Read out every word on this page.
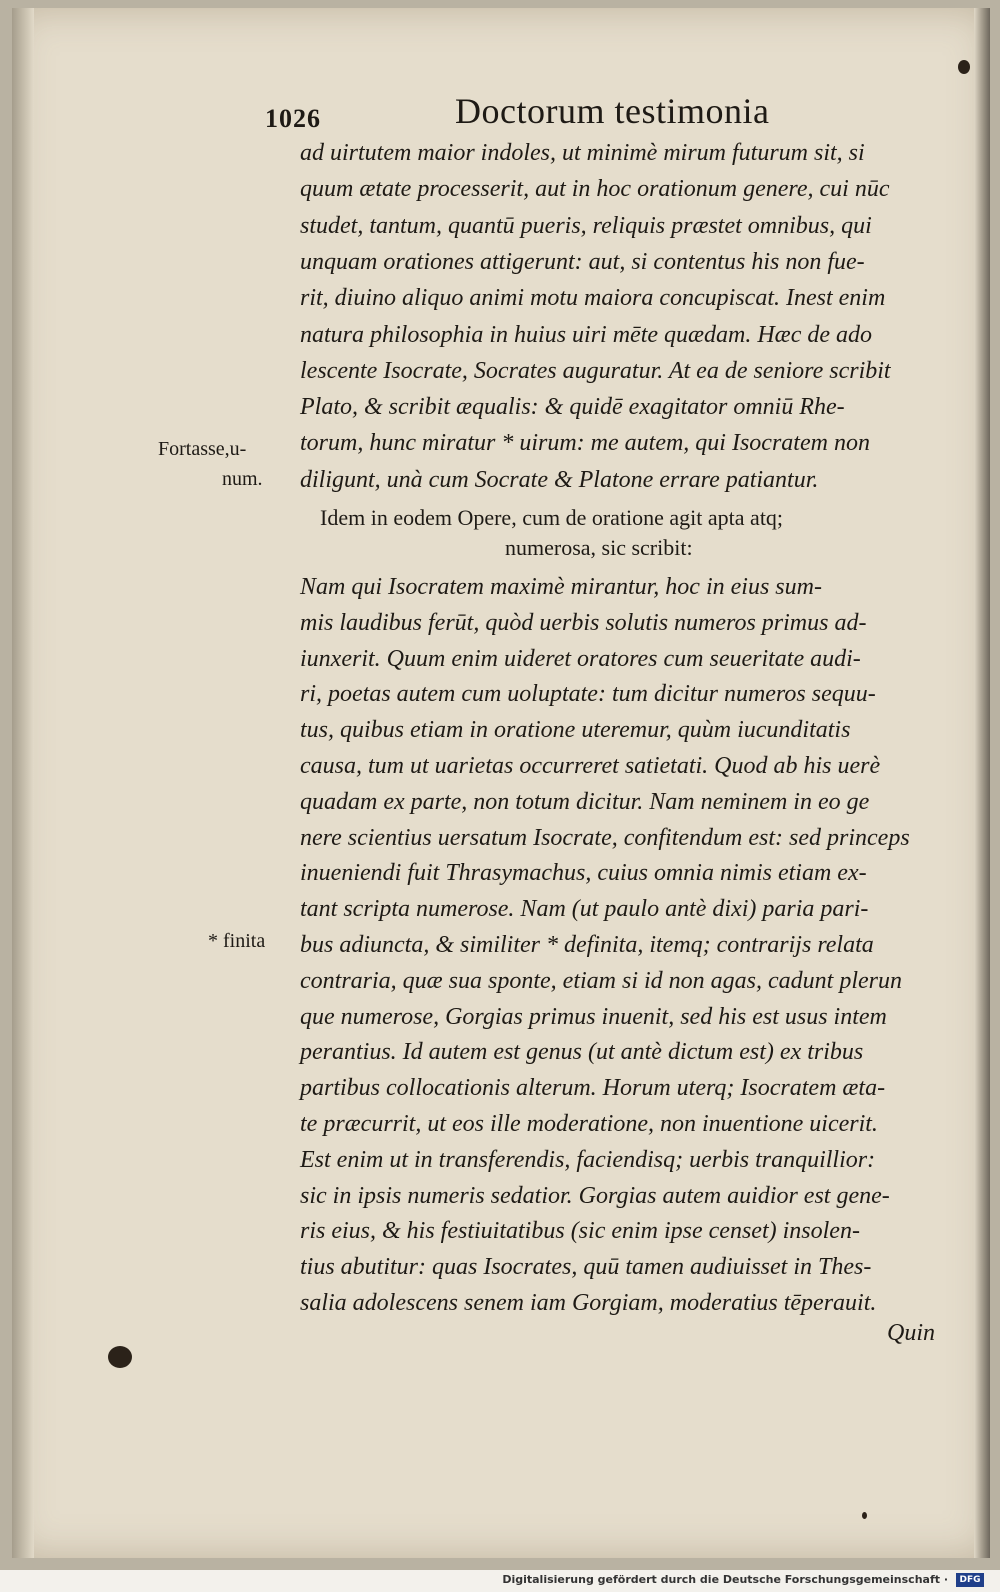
1026	Doctorum testimonia
ad uirtutem maior indoles, ut minimè mirum futurum sit, si
quum ætate processerit, aut in hoc orationum genere, cui nūc
studet, tantum, quantū pueris, reliquis præstet omnibus, qui
unquam orationes attigerunt: aut, si contentus his non fue-
rit, diuino aliquo animi motu maiora concupiscat. Inest enim
natura philosophia in huius uiri mēte quædam. Hæc de ado
lescente Isocrate, Socrates auguratur. At ea de seniore scribit
Plato, & scribit æqualis: & quidē exagitator omniū Rhe-
torum, hunc miratur * uirum: me autem, qui Isocratem non
diligunt, unà cum Socrate & Platone errare patiantur.
Idem in eodem Opere, cum de oratione agit apta atq;
numerosa, sic scribit:
Nam qui Isocratem maximè mirantur, hoc in eius sum-
mis laudibus ferūt, quòd uerbis solutis numeros primus ad-
iunxerit. Quum enim uideret oratores cum seueritate audi-
ri, poetas autem cum uoluptate: tum dicitur numeros sequu-
tus, quibus etiam in oratione uteremur, quùm iucunditatis
causa, tum ut uarietas occurreret satietati. Quod ab his uerè
quadam ex parte, non totum dicitur. Nam neminem in eo ge
nere scientius uersatum Isocrate, confitendum est: sed princeps
inueniendi fuit Thrasymachus, cuius omnia nimis etiam ex-
tant scripta numerose. Nam (ut paulo antè dixi) paria pari-
bus adiuncta, & similiter * definita, itemq; contrarijs relata
contraria, quæ sua sponte, etiam si id non agas, cadunt plerun
que numerose, Gorgias primus inuenit, sed his est usus intem
perantius. Id autem est genus (ut antè dictum est) ex tribus
partibus collocationis alterum. Horum uterq; Isocratem æta-
te præcurrit, ut eos ille moderatione, non inuentione uicerit.
Est enim ut in transferendis, faciendisq; uerbis tranquillior:
sic in ipsis numeris sedatior. Gorgias autem auidior est gene-
ris eius, & his festiuitatibus (sic enim ipse censet) insolen-
tius abutitur: quas Isocrates, quū tamen audiuisset in Thes-
salia adolescens senem iam Gorgiam, moderatius tēperauit.
Fortasse,u-
num.
* finita
Quin
Digitalisierung gefördert durch die Deutsche Forschungsgemeinschaft ·	DFG
